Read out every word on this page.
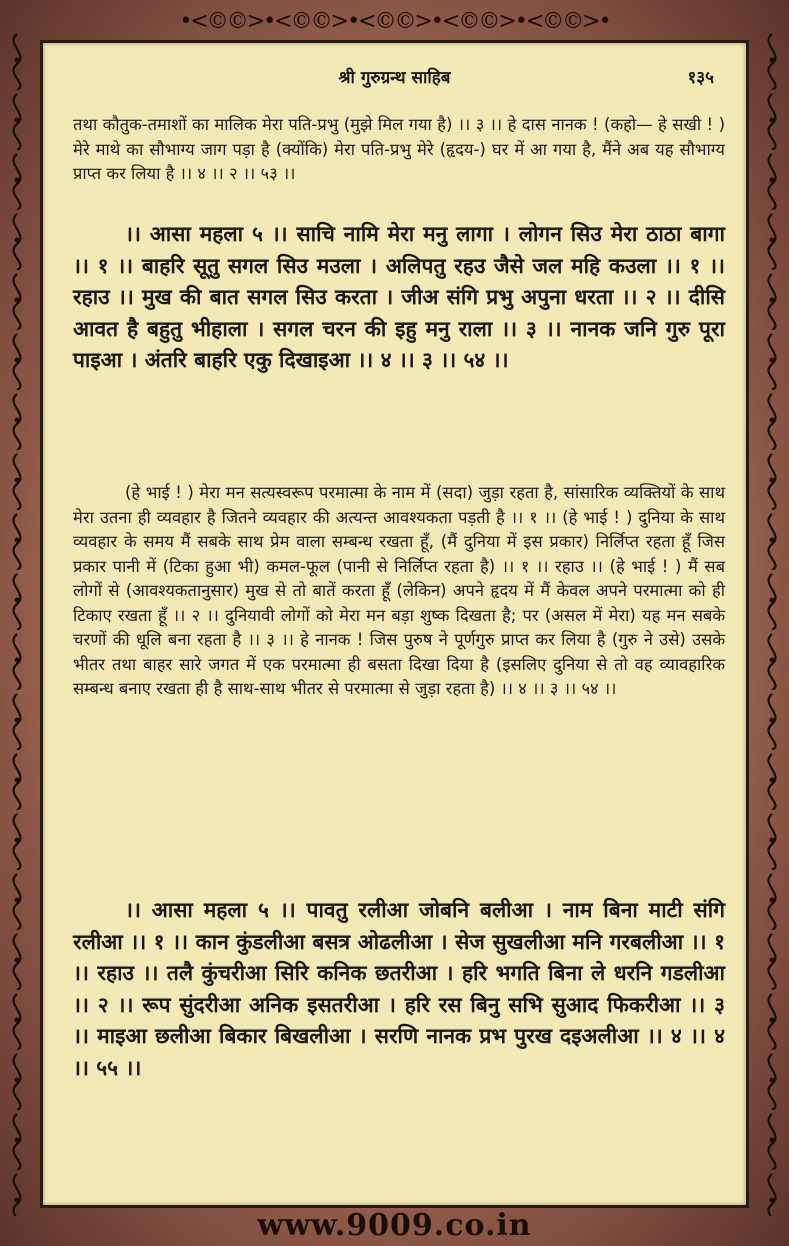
•<©©>•<©©>•<©©>•<©©>•<©©>•
श्री गुरुग्रन्थ साहिब	१३५
तथा कौतुक-तमाशों का मालिक मेरा पति-प्रभु (मुझे मिल गया है) ।। ३ ।। हे दास नानक ! (कहो— हे सखी ! ) मेरे माथे का सौभाग्य जाग पड़ा है (क्योंकि) मेरा पति-प्रभु मेरे (हृदय-) घर में आ गया है, मैंने अब यह सौभाग्य प्राप्त कर लिया है ।। ४ ।। २ ।। ५३ ।।
।। आसा महला ५ ।। साचि नामि मेरा मनु लागा । लोगन सिउ मेरा ठाठा बागा ।। १ ।। बाहरि सूतु सगल सिउ मउला । अलिपतु रहउ जैसे जल महि कउला ।। १ ।। रहाउ ।। मुख की बात सगल सिउ करता । जीअ संगि प्रभु अपुना धरता ।। २ ।। दीसि आवत है बहुतु भीहाला । सगल चरन की इहु मनु राला ।। ३ ।। नानक जनि गुरु पूरा पाइआ । अंतरि बाहरि एकु दिखाइआ ।। ४ ।। ३ ।। ५४ ।।
(हे भाई ! ) मेरा मन सत्यस्वरूप परमात्मा के नाम में (सदा) जुड़ा रहता है, सांसारिक व्यक्तियों के साथ मेरा उतना ही व्यवहार है जितने व्यवहार की अत्यन्त आवश्यकता पड़ती है ।। १ ।। (हे भाई ! ) दुनिया के साथ व्यवहार के समय मैं सबके साथ प्रेम वाला सम्बन्ध रखता हूँ, (मैं दुनिया में इस प्रकार) निर्लिप्त रहता हूँ जिस प्रकार पानी में (टिका हुआ भी) कमल-फूल (पानी से निर्लिप्त रहता है) ।। १ ।। रहाउ ।। (हे भाई ! ) मैं सब लोगों से (आवश्यकतानुसार) मुख से तो बातें करता हूँ (लेकिन) अपने हृदय में मैं केवल अपने परमात्मा को ही टिकाए रखता हूँ ।। २ ।। दुनियावी लोगों को मेरा मन बड़ा शुष्क दिखता है; पर (असल में मेरा) यह मन सबके चरणों की धूलि बना रहता है ।। ३ ।। हे नानक ! जिस पुरुष ने पूर्णगुरु प्राप्त कर लिया है (गुरु ने उसे) उसके भीतर तथा बाहर सारे जगत में एक परमात्मा ही बसता दिखा दिया है (इसलिए दुनिया से तो वह व्यावहारिक सम्बन्ध बनाए रखता ही है साथ-साथ भीतर से परमात्मा से जुड़ा रहता है) ।। ४ ।। ३ ।। ५४ ।।
।। आसा महला ५ ।। पावतु रलीआ जोबनि बलीआ । नाम बिना माटी संगि रलीआ ।। १ ।। कान कुंडलीआ बसत्र ओढलीआ । सेज सुखलीआ मनि गरबलीआ ।। १ ।। रहाउ ।। तलै कुंचरीआ सिरि कनिक छतरीआ । हरि भगति बिना ले धरनि गडलीआ ।। २ ।। रूप सुंदरीआ अनिक इसतरीआ । हरि रस बिनु सभि सुआद फिकरीआ ।। ३ ।। माइआ छलीआ बिकार बिखलीआ । सरणि नानक प्रभ पुरख दइअलीआ ।। ४ ।। ४ ।। ५५ ।।
www.9009.co.in
